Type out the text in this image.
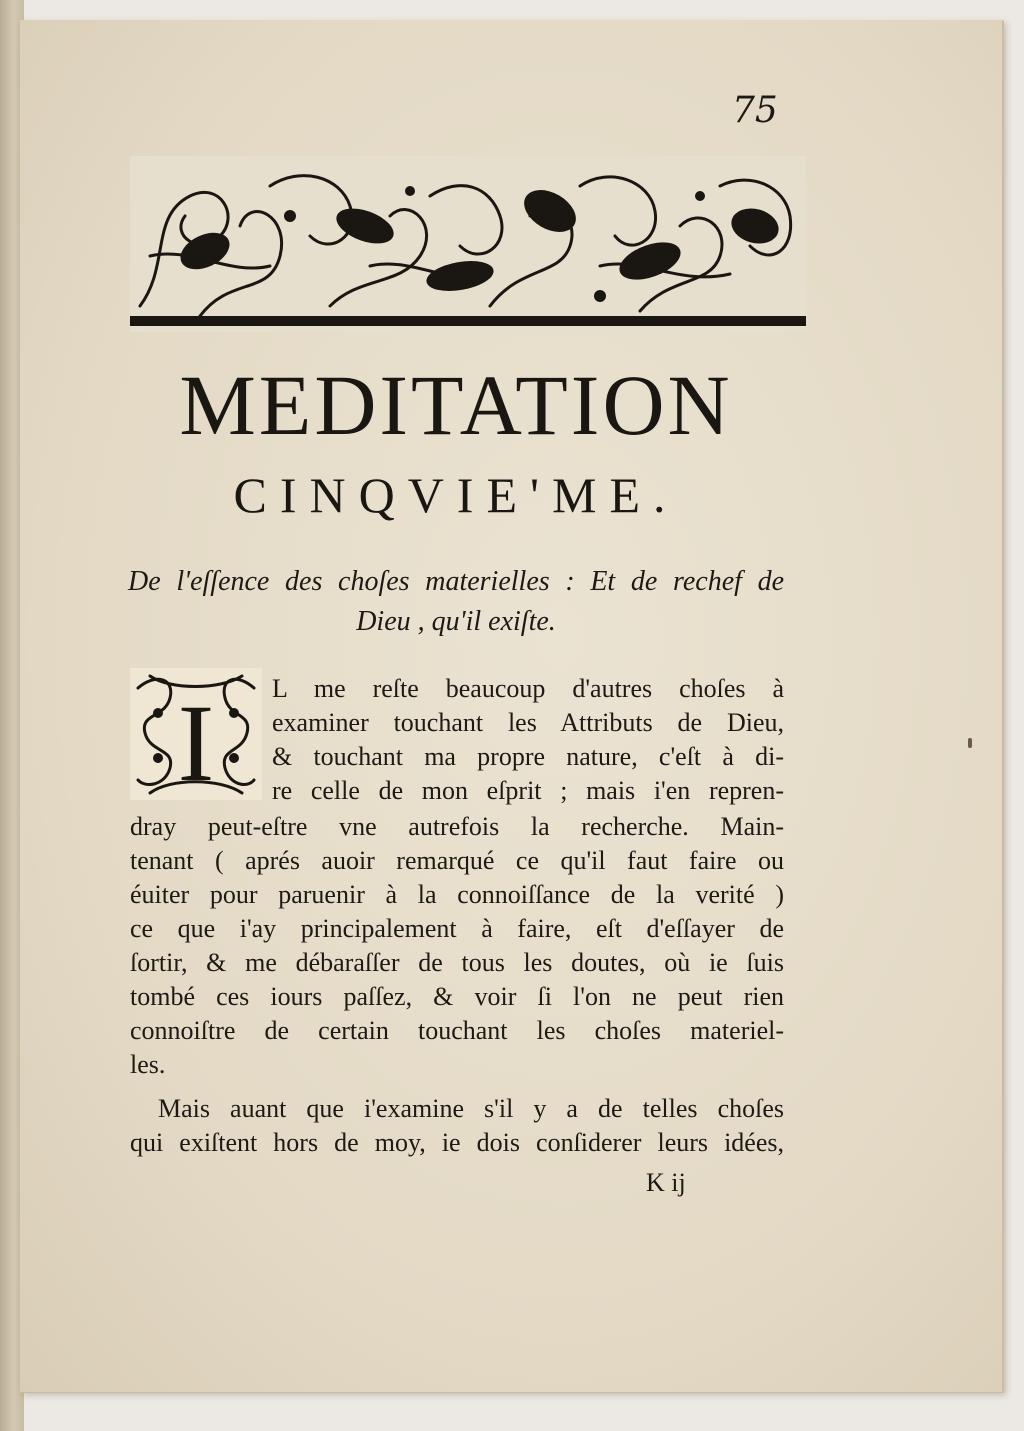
75
MEDITATION
CINQVIE'ME.
De l'eſſence des choſes materielles : Et de rechef de
Dieu , qu'il exiſte.
I L me reſte beaucoup d'autres choſes à
examiner touchant les Attributs de Dieu,
& touchant ma propre nature, c'eſt à di-
re celle de mon eſprit ; mais i'en repren-
dray peut-eſtre vne autrefois la recherche. Main-
tenant ( aprés auoir remarqué ce qu'il faut faire ou
éuiter pour paruenir à la connoiſſance de la verité )
ce que i'ay principalement à faire, eſt d'eſſayer de
ſortir, & me débaraſſer de tous les doutes, où ie ſuis
tombé ces iours paſſez, & voir ſi l'on ne peut rien
connoiſtre de certain touchant les choſes materiel-
les.
Mais auant que i'examine s'il y a de telles choſes
qui exiſtent hors de moy, ie dois conſiderer leurs idées,
K ij
